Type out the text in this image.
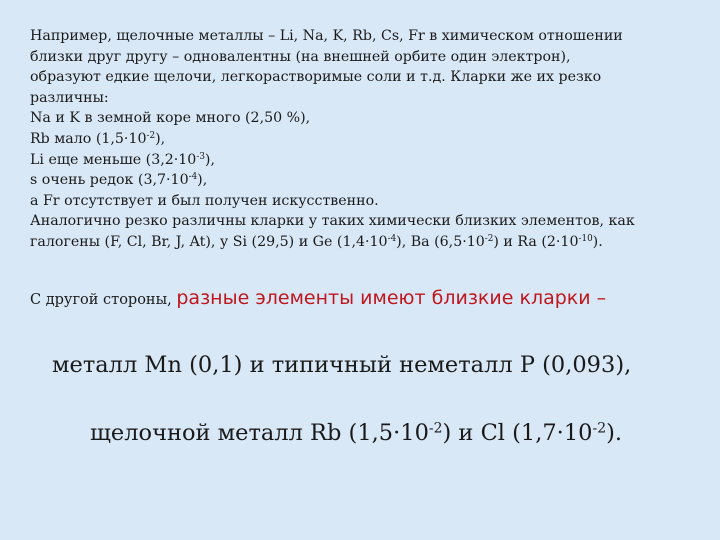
Например, щелочные металлы – Li, Na, K, Rb, Cs, Fr в химическом отношении
близки друг другу – одновалентны (на внешней орбите один электрон),
образуют едкие щелочи, легкорастворимые соли и т.д. Кларки же их резко
различны:
Na и K в земной коре много (2,50 %),
Rb мало $(1,5\cdot 10^{-2})$,
Li еще меньше $(3,2\cdot 10^{-3})$,
s очень редок $(3,7\cdot 10^{-4})$,
а Fr отсутствует и был получен искусственно.
Аналогично резко различны кларки у таких химически близких элементов, как
галогены (F, Cl, Br, J, At), у Si (29,5) и Ge $(1,4\cdot 10^{-4})$, Ba $(6,5\cdot 10^{-2})$ и Ra $(2\cdot 10^{-10})$.
С другой стороны, разные элементы имеют близкие кларки –
металл Mn (0,1) и типичный неметалл P (0,093),
щелочной металл Rb $(1,5\cdot 10^{-2})$ и Cl $(1,7\cdot 10^{-2})$.
